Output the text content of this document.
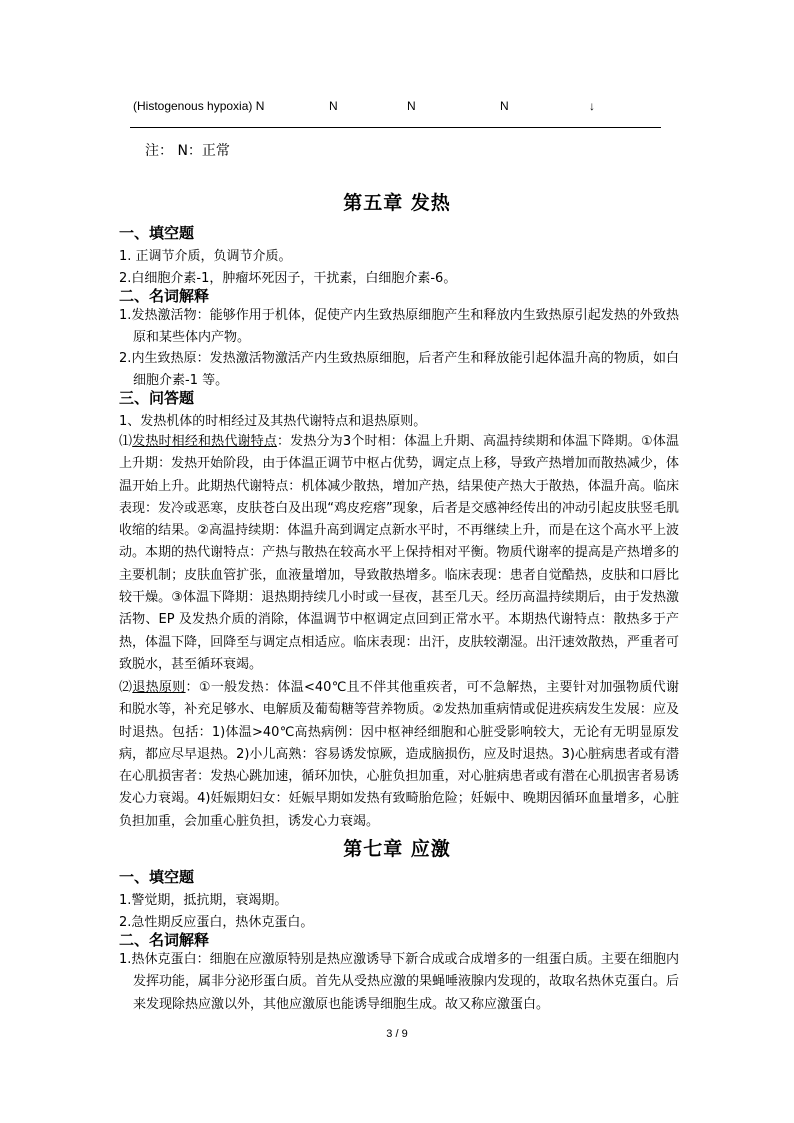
(Histogenous hypoxia) N	N	N	N	↓
注： N：正常
第五章 发热
一、填空题
1. 正调节介质，负调节介质。
2.白细胞介素-1，肿瘤坏死因子，干扰素，白细胞介素-6。
二、名词解释

1.发热激活物：能够作用于机体，促使产内生致热原细胞产生和释放内生致热原引起发热的外致热原和某些体内产物。

2.内生致热原：发热激活物激活产内生致热原细胞，后者产生和释放能引起体温升高的物质，如白细胞介素-1 等。

三、问答题
1、发热机体的时相经过及其热代谢特点和退热原则。

⑴发热时相经和热代谢特点：发热分为3个时相：体温上升期、高温持续期和体温下降期。①体温上升期：发热开始阶段，由于体温正调节中枢占优势，调定点上移，导致产热增加而散热减少，体温开始上升。此期热代谢特点：机体减少散热，增加产热，结果使产热大于散热，体温升高。临床表现：发冷或恶寒，皮肤苍白及出现“鸡皮疙瘩”现象，后者是交感神经传出的冲动引起皮肤竖毛肌收缩的结果。②高温持续期：体温升高到调定点新水平时，不再继续上升，而是在这个高水平上波动。本期的热代谢特点：产热与散热在较高水平上保持相对平衡。物质代谢率的提高是产热增多的主要机制；皮肤血管扩张，血液量增加，导致散热增多。临床表现：患者自觉酷热，皮肤和口唇比较干燥。③体温下降期：退热期持续几小时或一昼夜，甚至几天。经历高温持续期后，由于发热激活物、EP 及发热介质的消除，体温调节中枢调定点回到正常水平。本期热代谢特点：散热多于产热，体温下降，回降至与调定点相适应。临床表现：出汗，皮肤较潮湿。出汗速效散热，严重者可致脱水，甚至循环衰竭。

⑵退热原则：①一般发热：体温<40℃且不伴其他重疾者，可不急解热，主要针对加强物质代谢和脱水等，补充足够水、电解质及葡萄糖等营养物质。②发热加重病情或促进疾病发生发展：应及时退热。包括：1)体温>40℃高热病例：因中枢神经细胞和心脏受影响较大，无论有无明显原发病，都应尽早退热。2)小儿高熟：容易诱发惊厥，造成脑损伤，应及时退热。3)心脏病患者或有潜在心肌损害者：发热心跳加速，循环加快，心脏负担加重，对心脏病患者或有潜在心肌损害者易诱发心力衰竭。4)妊娠期妇女：妊娠早期如发热有致畸胎危险；妊娠中、晚期因循环血量增多，心脏负担加重，会加重心脏负担，诱发心力衰竭。

第七章 应激
一、填空题
1.警觉期，抵抗期，衰竭期。
2.急性期反应蛋白，热休克蛋白。
二、名词解释

1.热休克蛋白：细胞在应激原特别是热应激诱导下新合成或合成增多的一组蛋白质。主要在细胞内发挥功能，属非分泌形蛋白质。首先从受热应激的果蝇唾液腺内发现的，故取名热休克蛋白。后来发现除热应激以外，其他应激原也能诱导细胞生成。故又称应激蛋白。

3 / 9
